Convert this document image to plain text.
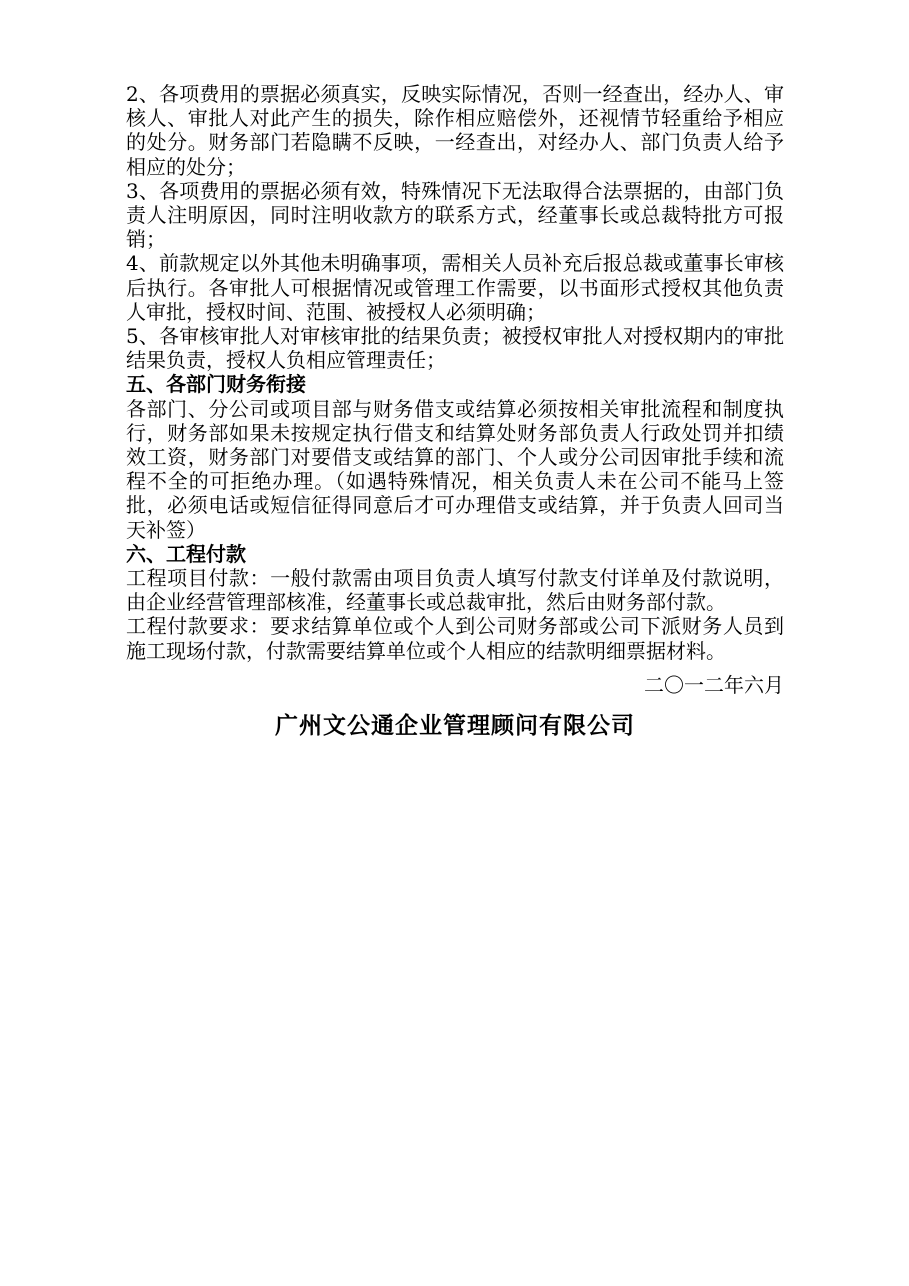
2、各项费用的票据必须真实，反映实际情况，否则一经查出，经办人、审核人、审批人对此产生的损失，除作相应赔偿外，还视情节轻重给予相应的处分。财务部门若隐瞒不反映，一经查出，对经办人、部门负责人给予相应的处分；

3、各项费用的票据必须有效，特殊情况下无法取得合法票据的，由部门负责人注明原因，同时注明收款方的联系方式，经董事长或总裁特批方可报销；

4、前款规定以外其他未明确事项，需相关人员补充后报总裁或董事长审核后执行。各审批人可根据情况或管理工作需要，以书面形式授权其他负责人审批，授权时间、范围、被授权人必须明确；

5、各审核审批人对审核审批的结果负责；被授权审批人对授权期内的审批结果负责，授权人负相应管理责任；

五、各部门财务衔接

各部门、分公司或项目部与财务借支或结算必须按相关审批流程和制度执行，财务部如果未按规定执行借支和结算处财务部负责人行政处罚并扣绩效工资，财务部门对要借支或结算的部门、个人或分公司因审批手续和流程不全的可拒绝办理。（如遇特殊情况，相关负责人未在公司不能马上签批，必须电话或短信征得同意后才可办理借支或结算，并于负责人回司当天补签）

六、工程付款

工程项目付款：一般付款需由项目负责人填写付款支付详单及付款说明，由企业经营管理部核准，经董事长或总裁审批，然后由财务部付款。

工程付款要求：要求结算单位或个人到公司财务部或公司下派财务人员到施工现场付款，付款需要结算单位或个人相应的结款明细票据材料。

二〇一二年六月

广州文公通企业管理顾问有限公司
